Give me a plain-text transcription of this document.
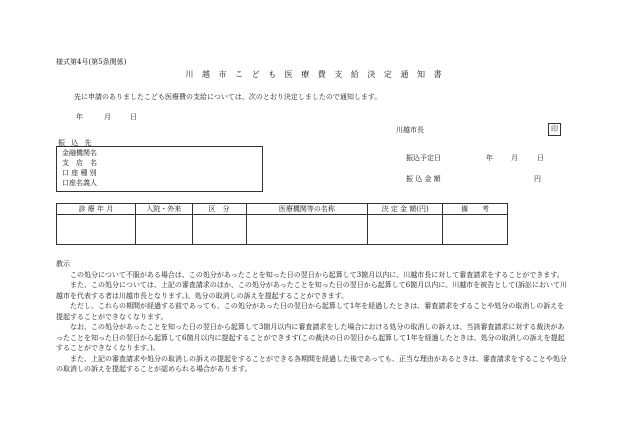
様式第4号(第5条関係)
川 越 市 こ ど も 医 療 費 支 給 決 定 通 知 書
先に申請のありましたこども医療費の支給については、次のとおり決定しましたので通知します。
年	月	日
川越市長	印
振 込 先
金融機関名
支　店　名
口 座 種 別
口座名義人
振込予定日	年	月	日
振 込 金 額	円
診 療 年 月	入院・外来	区　分	医療機関等の名称	決 定 金 額(円)	備　　考

教示

この処分について不服がある場合は、この処分があったことを知った日の翌日から起算して3箇月以内に、川越市長に対して審査請求をすることができます。

また、この処分については、上記の審査請求のほか、この処分があったことを知った日の翌日から起算して6箇月以内に、川越市を被告として(訴訟において川越市を代表する者は川越市長となります。)、処分の取消しの訴えを提起することができます。

ただし、これらの期間が経過する前であっても、この処分があった日の翌日から起算して1年を経過したときは、審査請求をすることや処分の取消しの訴えを提起することができなくなります。

なお、この処分があったことを知った日の翌日から起算して3箇月以内に審査請求をした場合における処分の取消しの訴えは、当該審査請求に対する裁決があったことを知った日の翌日から起算して6箇月以内に提起することができます(この裁決の日の翌日から起算して1年を経過したときは、処分の取消しの訴えを提起することができなくなります。)。

また、上記の審査請求や処分の取消しの訴えの提起をすることができる各期間を経過した後であっても、正当な理由があるときは、審査請求をすることや処分の取消しの訴えを提起することが認められる場合があります。
